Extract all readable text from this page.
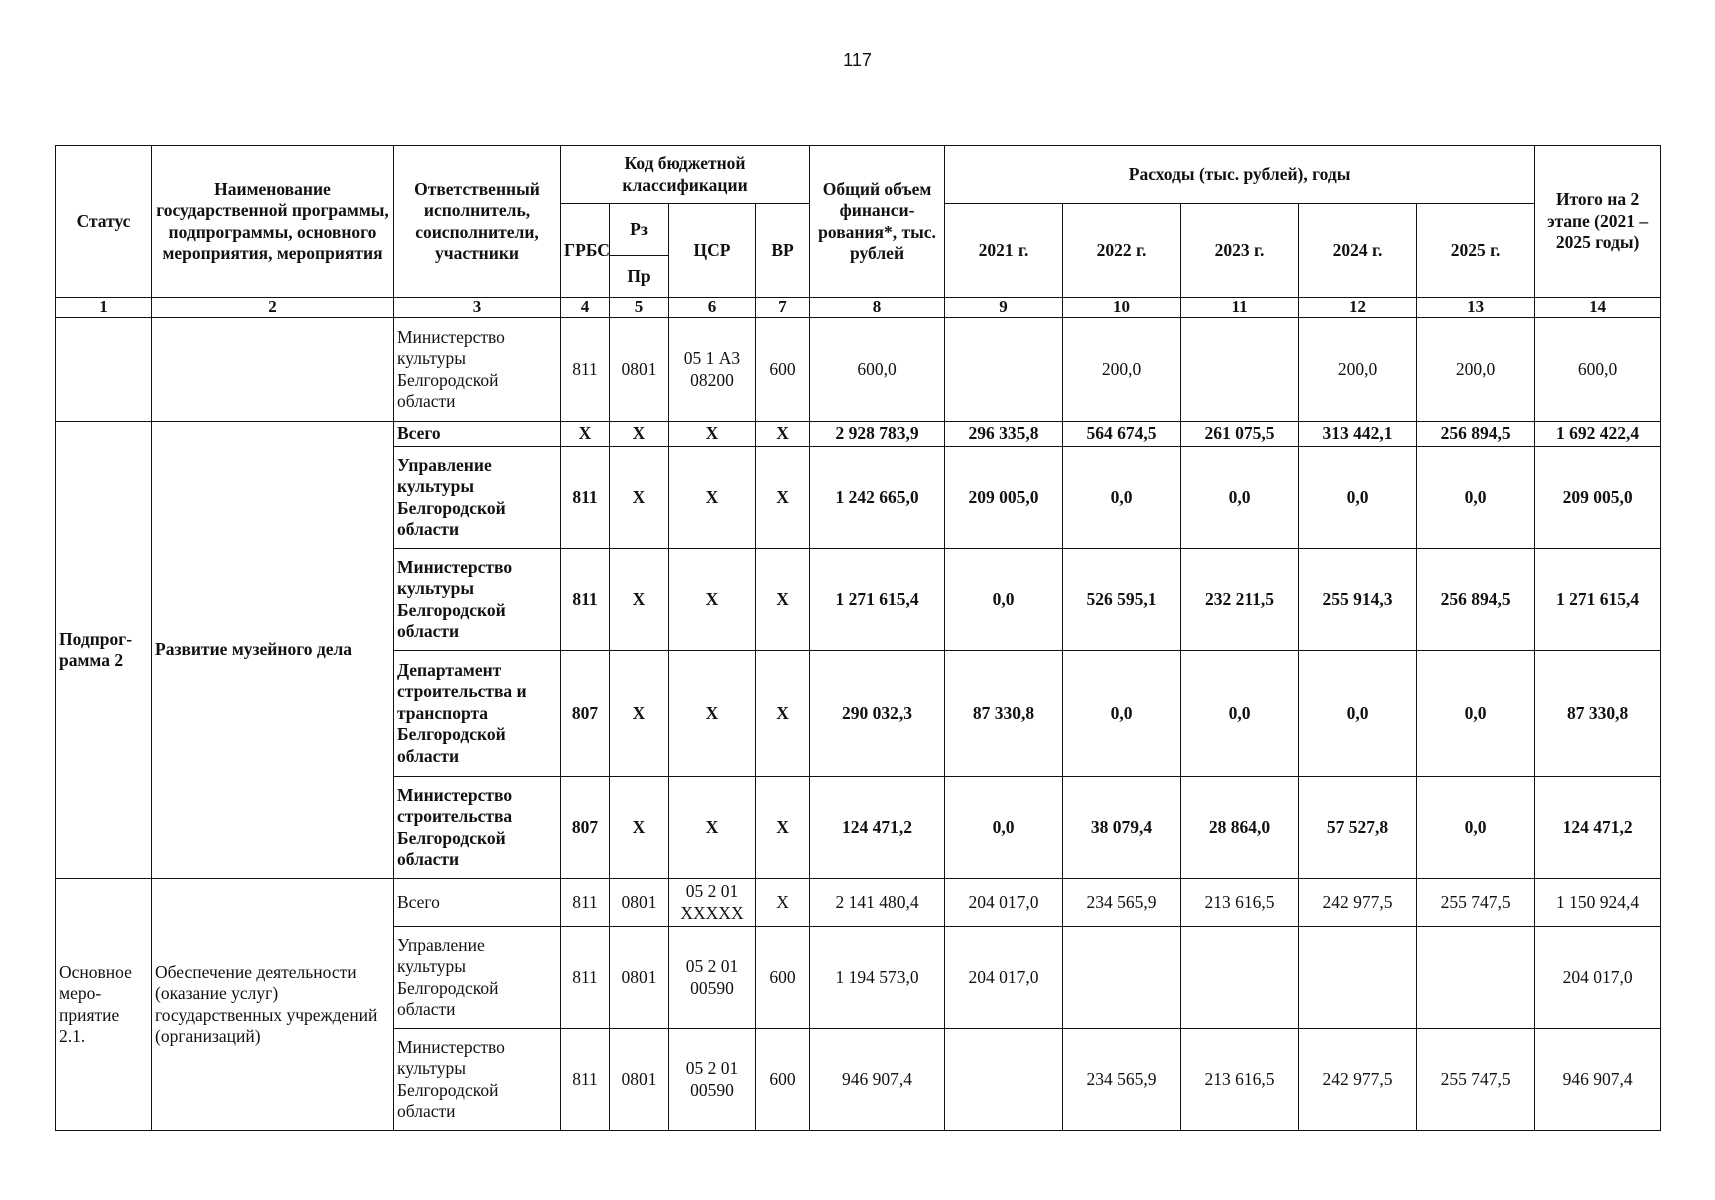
117
Статус	Наименование государственной программы, подпрограммы, основного мероприятия, мероприятия	Ответственный исполнитель, соисполнители, участники	Код бюджетной классификации				Общий объем финанси-рования*, тыс. рублей	Расходы (тыс. рублей), годы					Итого на 2 этапе (2021 – 2025 годы)
			ГРБС	Рз	ЦСР	ВР		2021 г.	2022 г.	2023 г.	2024 г.	2025 г.	
				Пр									
1	2	3	4	5	6	7	8	9	10	11	12	13	14
		Министерство культуры Белгородской области	811	0801	05 1 А3 08200	600	600,0		200,0		200,0	200,0	600,0
Подпрог-рамма 2	Развитие музейного дела	Всего	Х	Х	Х	Х	2 928 783,9	296 335,8	564 674,5	261 075,5	313 442,1	256 894,5	1 692 422,4
		Управление культуры Белгородской области	811	Х	Х	Х	1 242 665,0	209 005,0	0,0	0,0	0,0	0,0	209 005,0
		Министерство культуры Белгородской области	811	Х	Х	Х	1 271 615,4	0,0	526 595,1	232 211,5	255 914,3	256 894,5	1 271 615,4
		Департамент строительства и транспорта Белгородской области	807	Х	Х	Х	290 032,3	87 330,8	0,0	0,0	0,0	0,0	87 330,8
		Министерство строительства Белгородской области	807	Х	Х	Х	124 471,2	0,0	38 079,4	28 864,0	57 527,8	0,0	124 471,2
Основное меро-приятие 2.1.	Обеспечение деятельности (оказание услуг) государственных учреждений (организаций)	Всего	811	0801	05 2 01 ХХХХХ	Х	2 141 480,4	204 017,0	234 565,9	213 616,5	242 977,5	255 747,5	1 150 924,4
		Управление культуры Белгородской области	811	0801	05 2 01 00590	600	1 194 573,0	204 017,0					204 017,0
		Министерство культуры Белгородской области	811	0801	05 2 01 00590	600	946 907,4		234 565,9	213 616,5	242 977,5	255 747,5	946 907,4
